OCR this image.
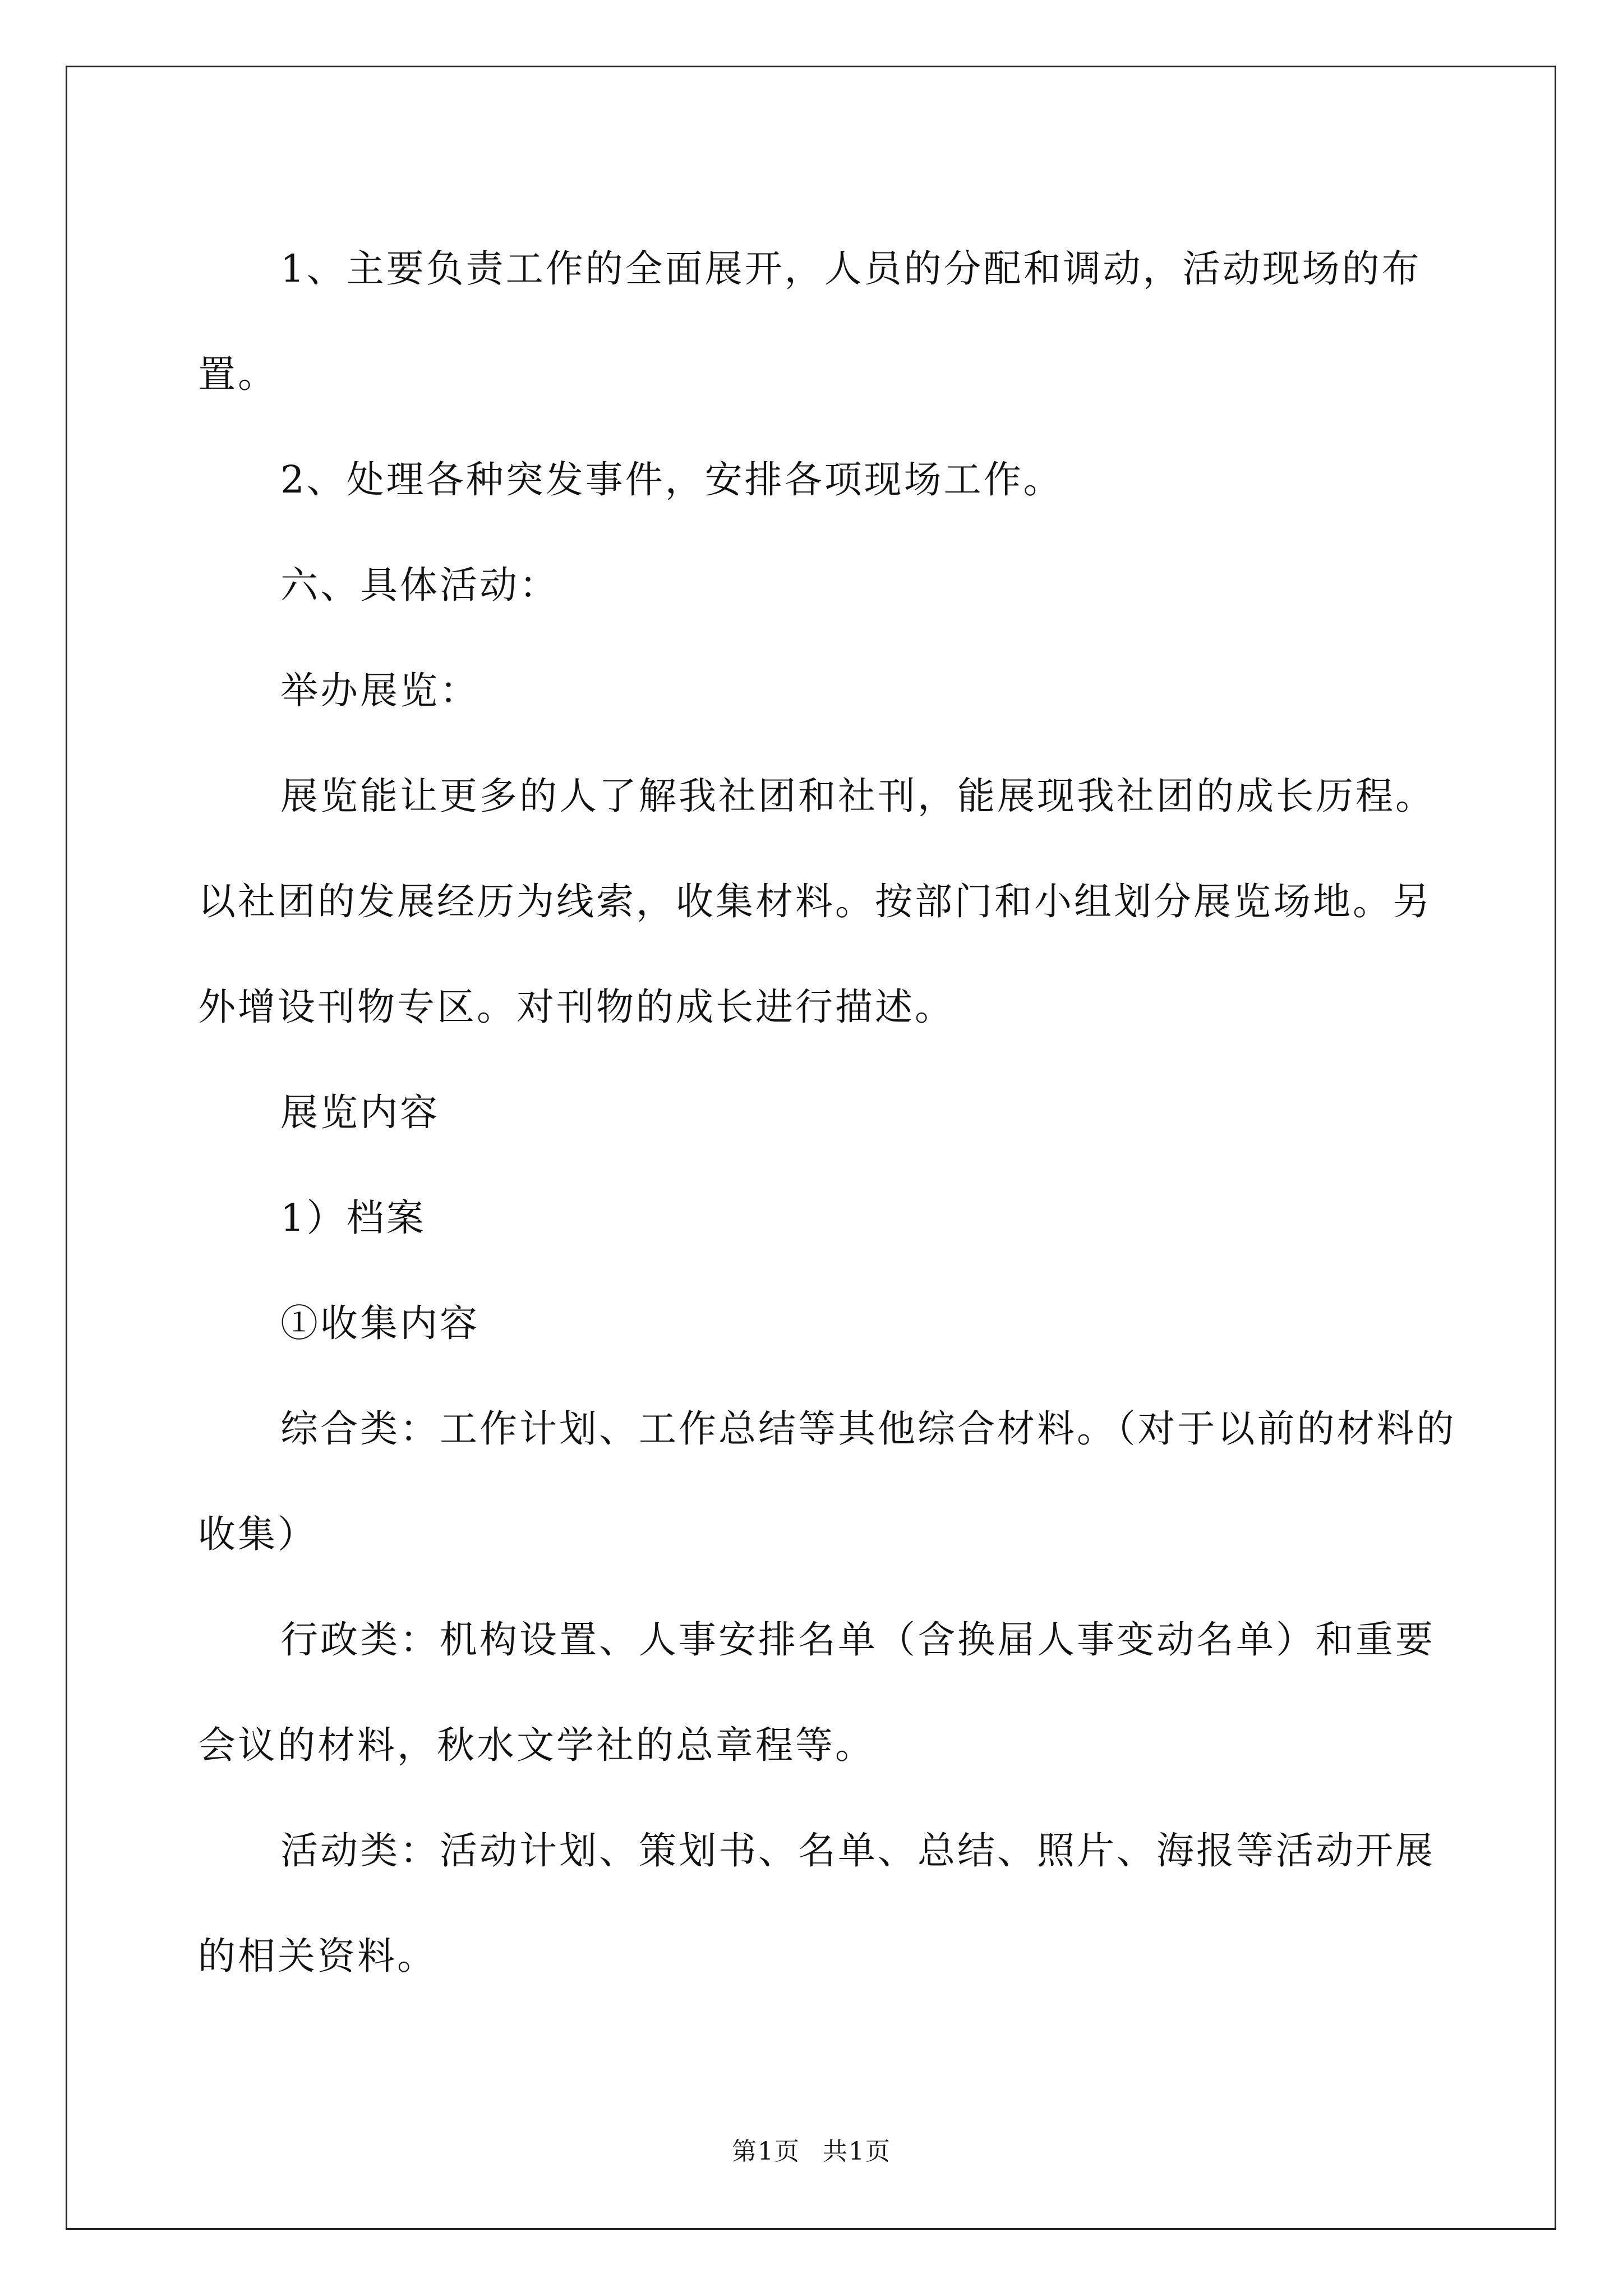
1、主要负责工作的全面展开，人员的分配和调动，活动现场的布置。

2、处理各种突发事件，安排各项现场工作。

六、具体活动：

举办展览：

展览能让更多的人了解我社团和社刊，能展现我社团的成长历程。以社团的发展经历为线索，收集材料。按部门和小组划分展览场地。另外增设刊物专区。对刊物的成长进行描述。

展览内容

1）档案

①收集内容

综合类：工作计划、工作总结等其他综合材料。（对于以前的材料的收集）

行政类：机构设置、人事安排名单（含换届人事变动名单）和重要会议的材料，秋水文学社的总章程等。

活动类：活动计划、策划书、名单、总结、照片、海报等活动开展的相关资料。

第1页 共1页
